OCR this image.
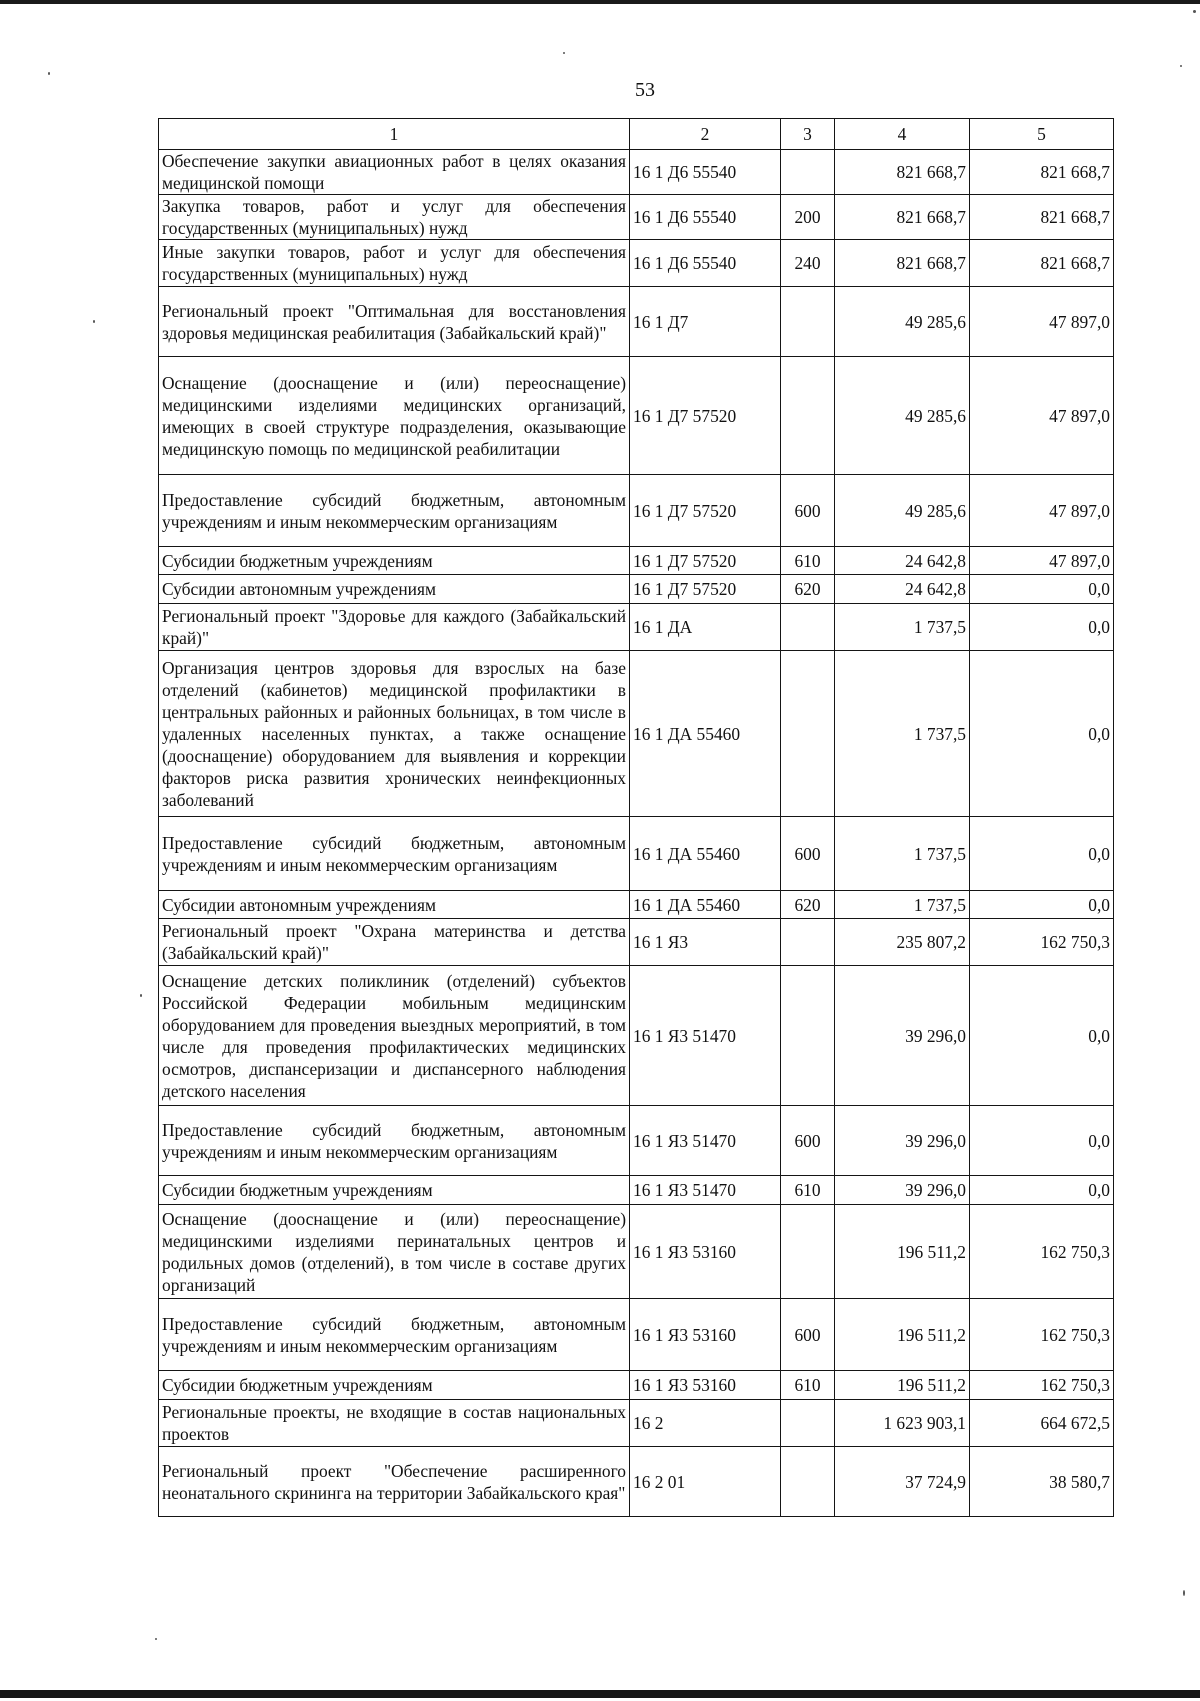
53
1	2	3	4	5
Обеспечение закупки авиационных работ в целях оказания медицинской помощи	16 1 Д6 55540		821 668,7	821 668,7
Закупка товаров, работ и услуг для обеспечения государственных (муниципальных) нужд	16 1 Д6 55540	200	821 668,7	821 668,7
Иные закупки товаров, работ и услуг для обеспечения государственных (муниципальных) нужд	16 1 Д6 55540	240	821 668,7	821 668,7
Региональный проект "Оптимальная для восстановления здоровья медицинская реабилитация (Забайкальский край)"	16 1 Д7		49 285,6	47 897,0
Оснащение (дооснащение и (или) переоснащение) медицинскими изделиями медицинских организаций, имеющих в своей структуре подразделения, оказывающие медицинскую помощь по медицинской реабилитации	16 1 Д7 57520		49 285,6	47 897,0
Предоставление субсидий бюджетным, автономным учреждениям и иным некоммерческим организациям	16 1 Д7 57520	600	49 285,6	47 897,0
Субсидии бюджетным учреждениям	16 1 Д7 57520	610	24 642,8	47 897,0
Субсидии автономным учреждениям	16 1 Д7 57520	620	24 642,8	0,0
Региональный проект "Здоровье для каждого (Забайкальский край)"	16 1 ДА		1 737,5	0,0
Организация центров здоровья для взрослых на базе отделений (кабинетов) медицинской профилактики в центральных районных и районных больницах, в том числе в удаленных населенных пунктах, а также оснащение (дооснащение) оборудованием для выявления и коррекции факторов риска развития хронических неинфекционных заболеваний	16 1 ДА 55460		1 737,5	0,0
Предоставление субсидий бюджетным, автономным учреждениям и иным некоммерческим организациям	16 1 ДА 55460	600	1 737,5	0,0
Субсидии автономным учреждениям	16 1 ДА 55460	620	1 737,5	0,0
Региональный проект "Охрана материнства и детства (Забайкальский край)"	16 1 Я3		235 807,2	162 750,3
Оснащение детских поликлиник (отделений) субъектов Российской Федерации мобильным медицинским оборудованием для проведения выездных мероприятий, в том числе для проведения профилактических медицинских осмотров, диспансеризации и диспансерного наблюдения детского населения	16 1 Я3 51470		39 296,0	0,0
Предоставление субсидий бюджетным, автономным учреждениям и иным некоммерческим организациям	16 1 Я3 51470	600	39 296,0	0,0
Субсидии бюджетным учреждениям	16 1 Я3 51470	610	39 296,0	0,0
Оснащение (дооснащение и (или) переоснащение) медицинскими изделиями перинатальных центров и родильных домов (отделений), в том числе в составе других организаций	16 1 Я3 53160		196 511,2	162 750,3
Предоставление субсидий бюджетным, автономным учреждениям и иным некоммерческим организациям	16 1 Я3 53160	600	196 511,2	162 750,3
Субсидии бюджетным учреждениям	16 1 Я3 53160	610	196 511,2	162 750,3
Региональные проекты, не входящие в состав национальных проектов	16 2		1 623 903,1	664 672,5
Региональный проект "Обеспечение расширенного неонатального скрининга на территории Забайкальского края"	16 2 01		37 724,9	38 580,7
